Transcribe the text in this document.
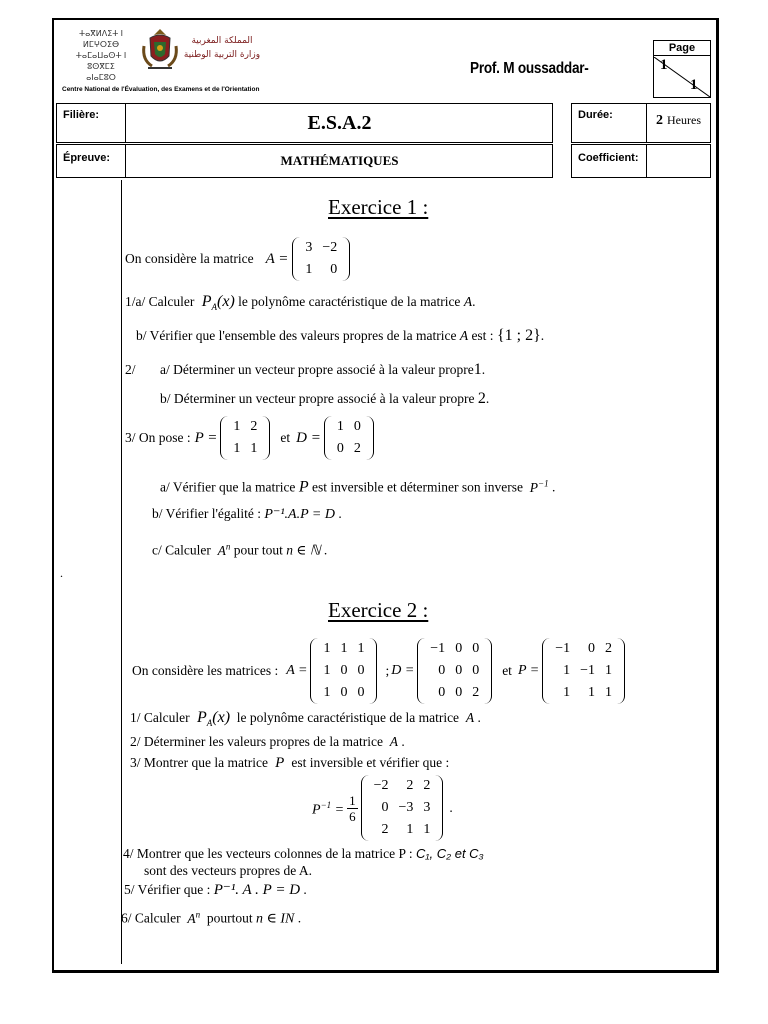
ⵜⴰⴳⵍⴷⵉⵜ ⵏ ⵍⵎⵖⵔⵉⴱ
ⵜⴰⵎⴰⵡⴰⵙⵜ ⵏ ⵓⵙⴳⵎⵉ
ⴰⵏⴰⵎⵓⵔ
المملكة المغربية
وزارة التربية الوطنية
Centre National de l'Évaluation, des Examens et de l'Orientation
Prof. M oussaddar-
Page
1
1
Filière:	E.S.A.2	Durée:	2 Heures
Épreuve:	MATHÉMATIQUES	Coefficient:
.
Exercice 1 :
On considère la matrice A =
3	−2
1	0
1/a/ Calculer  $P_A(x)$ le polynôme caractéristique de la matrice A.
b/ Vérifier que l'ensemble des valeurs propres de la matrice A est : {1 ; 2}.
2/ a/ Déterminer un vecteur propre associé à la valeur propre1.
b/ Déterminer un vecteur propre associé à la valeur propre 2.
3/ On pose : P =
1	2
1	1
et D =
1	0
0	2
a/ Vérifier que la matrice P est inversible et déterminer son inverse  $P^{-1}$ .
b/ Vérifier l'égalité : P⁻¹.A.P = D .
c/ Calculer  $A^n$ pour tout n ∈ ℕ .
Exercice 2 :
On considère les matrices : A =
1	1	1
1	0	0
1	0	0
; D =
−1	0	0
0	0	0
0	0	2
et P =
−1	0	2
1	−1	1
1	1	1
1/ Calculer  $P_A(x)$ le polynôme caractéristique de la matrice  A .
2/ Déterminer les valeurs propres de la matrice  A .
3/ Montrer que la matrice  P  est inversible et vérifier que :
$P^{-1} = \frac{1}{6}$
−2	2	2
0	−3	3
2	1	1
.
4/ Montrer que les vecteurs colonnes de la matrice P : C₁, C₂ et C₃
sont des vecteurs propres de A.
5/ Vérifier que : P⁻¹. A . P = D .
6/ Calculer  $A^n$ pourtout n ∈ IN .
